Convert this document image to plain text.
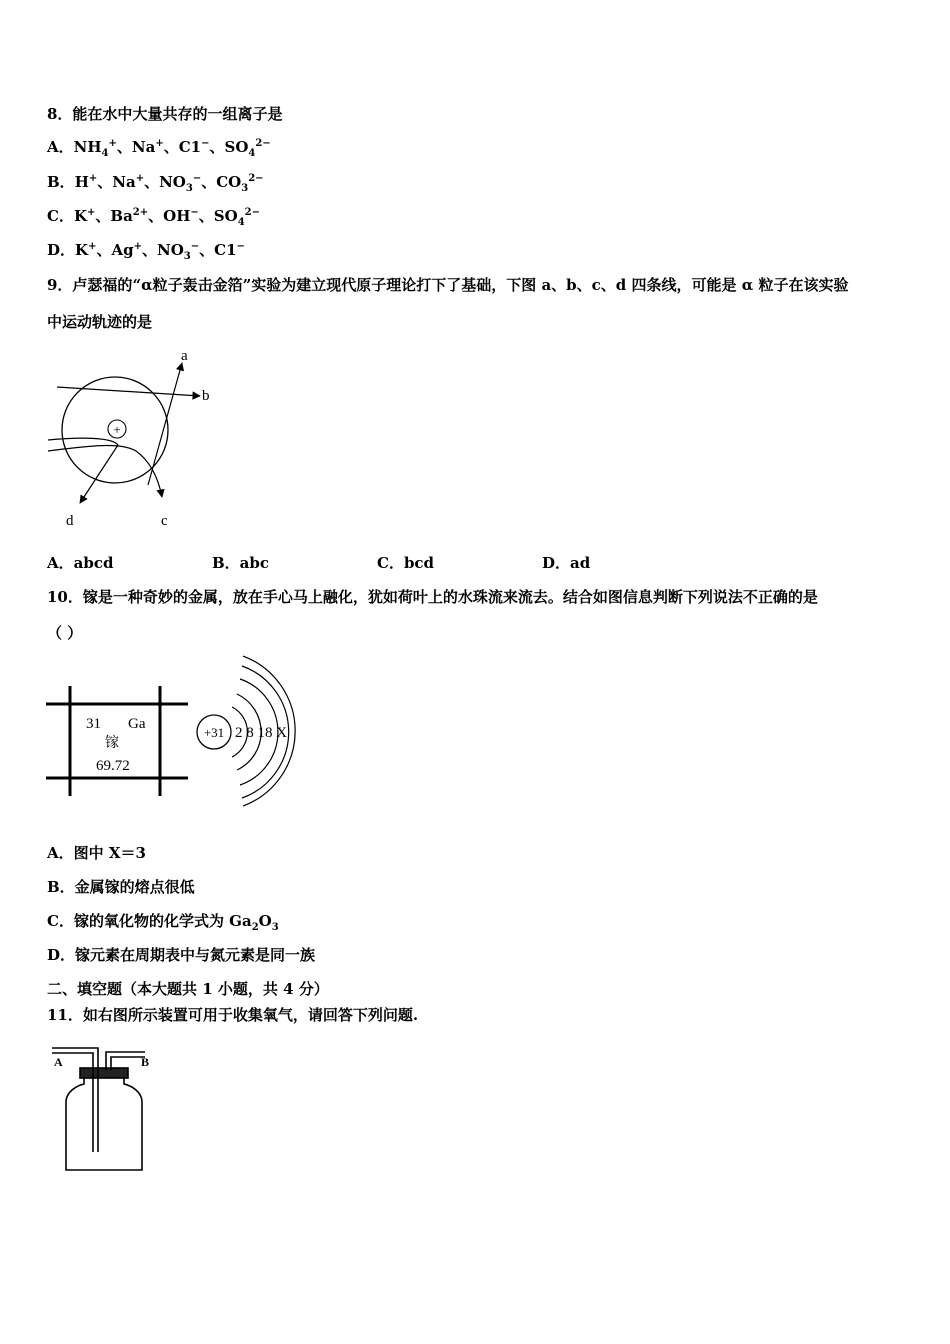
8．能在水中大量共存的一组离子是
A．$NH_4^+$、Na+、C1−、$SO_4^{2-}$
B．H+、Na+、$NO_3^-$、$CO_3^{2-}$
C．K+、$Ba^{2+}$、OH−、$SO_4^{2-}$
D．K+、Ag+、$NO_3^-$、C1−
9．卢瑟福的“α粒子轰击金箔”实验为建立现代原子理论打下了基础，下图 a、b、c、d 四条线，可能是 α 粒子在该实验
中运动轨迹的是
+
a
b
c
d
A．abcd	B．abc	C．bcd	D．ad
10．镓是一种奇妙的金属，放在手心马上融化，犹如荷叶上的水珠流来流去。结合如图信息判断下列说法不正确的是
（ ）
31 Ga
镓
69.72
+31 2 8 18 X
A．图中 X＝3
B．金属镓的熔点很低
C．镓的氧化物的化学式为 $Ga_2O_3$
D．镓元素在周期表中与氮元素是同一族
二、填空题（本大题共 1 小题，共 4 分）
11．如右图所示装置可用于收集氧气，请回答下列问题.
A	B
